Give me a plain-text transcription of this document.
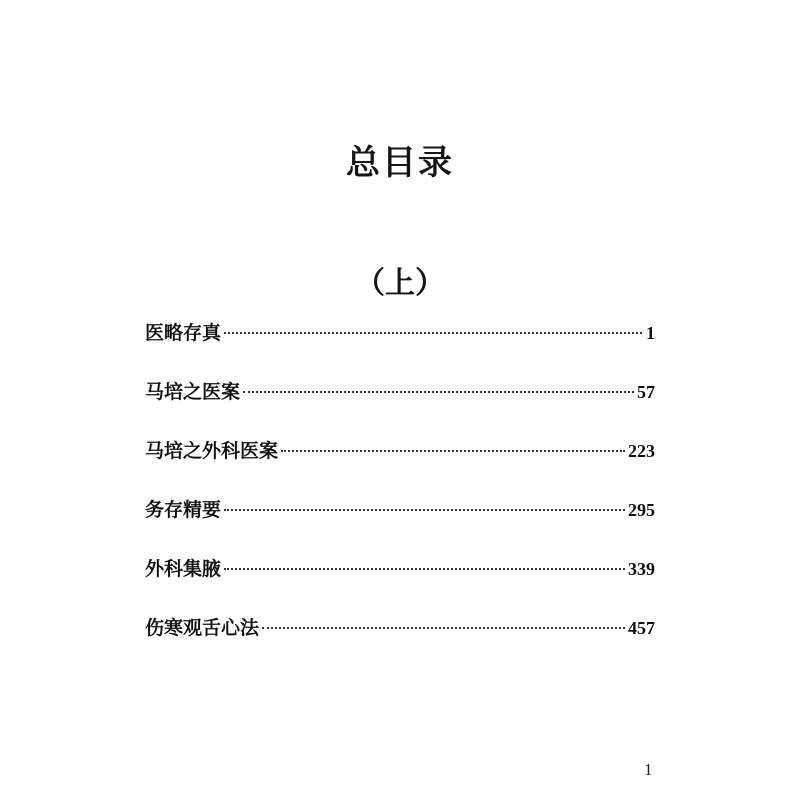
总目录
（上）
医略存真	1
马培之医案	57
马培之外科医案	223
务存精要	295
外科集腋	339
伤寒观舌心法	457
1
